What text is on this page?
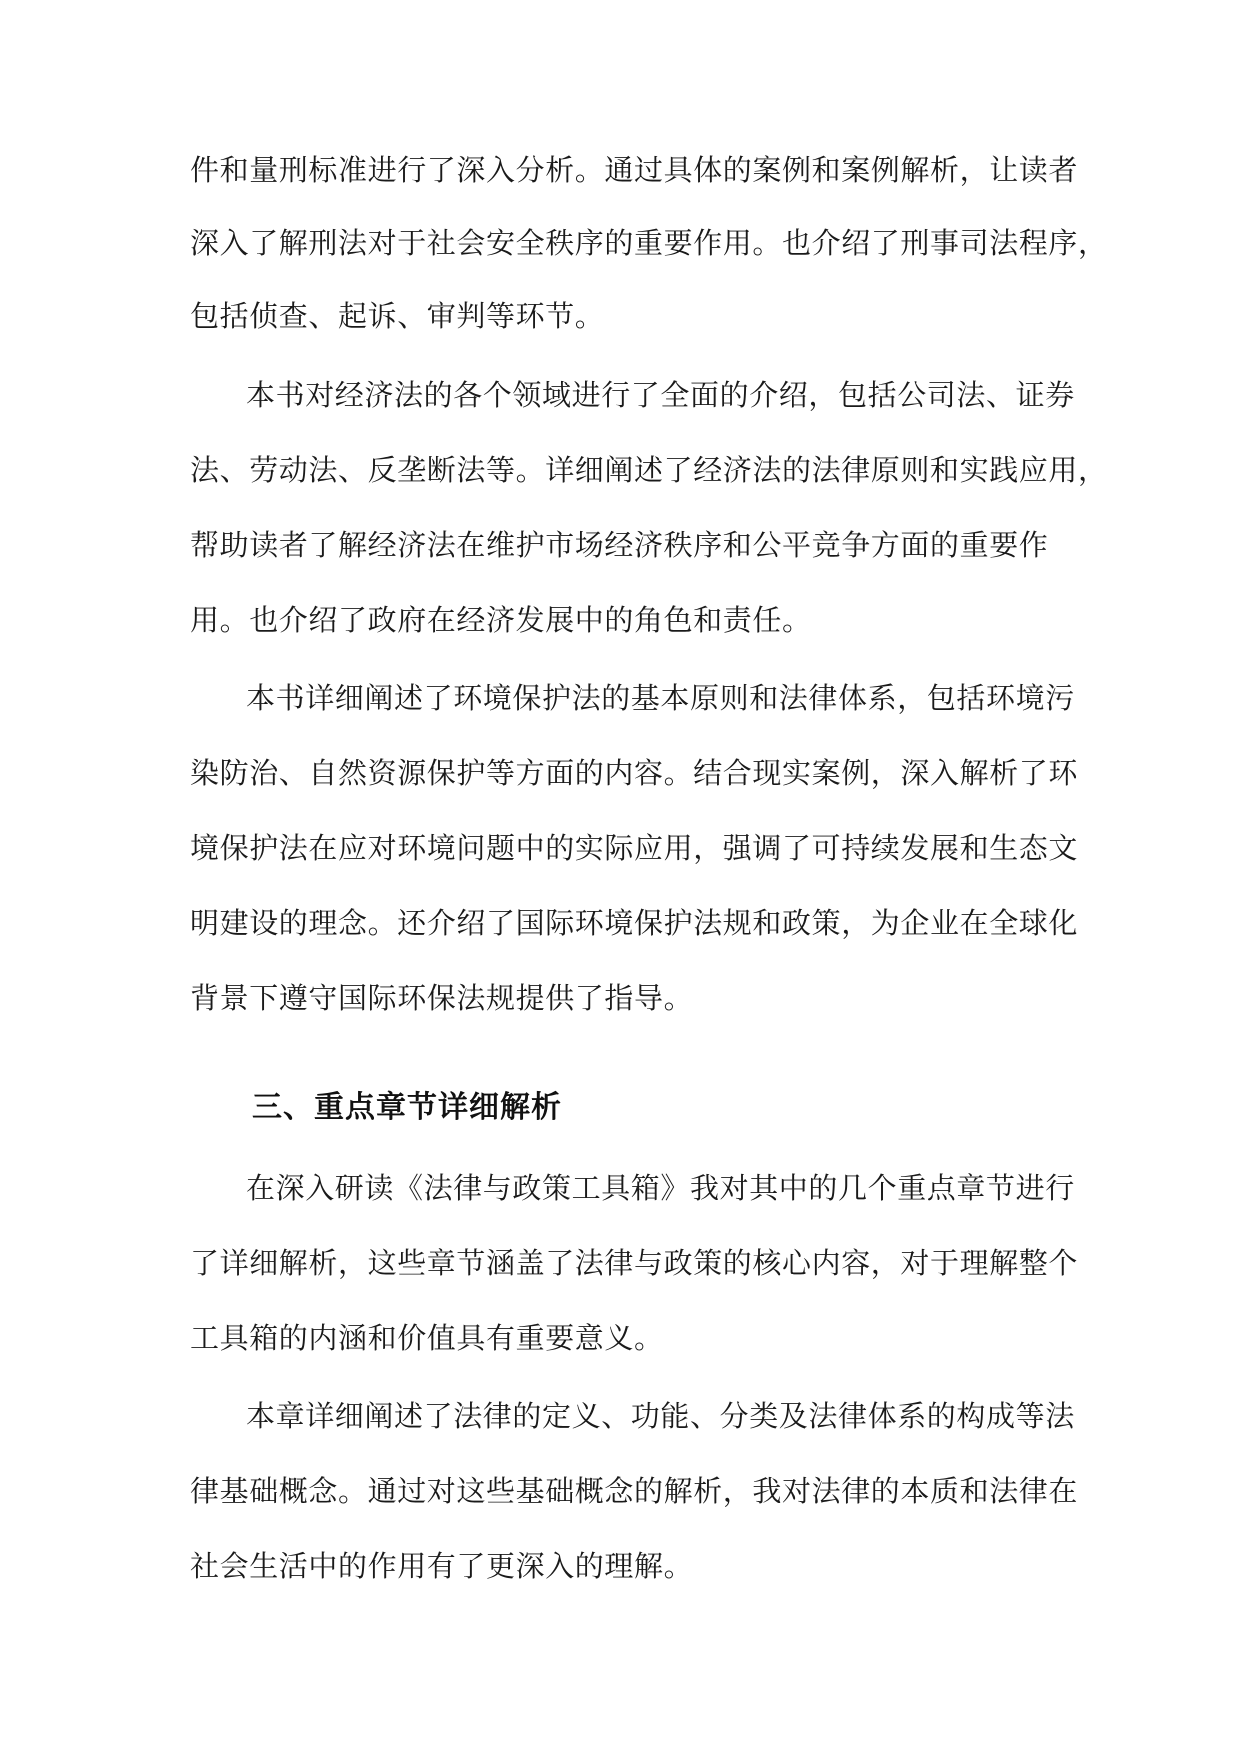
件和量刑标准进行了深入分析。通过具体的案例和案例解析，让读者
深入了解刑法对于社会安全秩序的重要作用。也介绍了刑事司法程序，
包括侦查、起诉、审判等环节。
本书对经济法的各个领域进行了全面的介绍，包括公司法、证券
法、劳动法、反垄断法等。详细阐述了经济法的法律原则和实践应用，
帮助读者了解经济法在维护市场经济秩序和公平竞争方面的重要作
用。也介绍了政府在经济发展中的角色和责任。
本书详细阐述了环境保护法的基本原则和法律体系，包括环境污
染防治、自然资源保护等方面的内容。结合现实案例，深入解析了环
境保护法在应对环境问题中的实际应用，强调了可持续发展和生态文
明建设的理念。还介绍了国际环境保护法规和政策，为企业在全球化
背景下遵守国际环保法规提供了指导。
三、重点章节详细解析
在深入研读《法律与政策工具箱》我对其中的几个重点章节进行
了详细解析，这些章节涵盖了法律与政策的核心内容，对于理解整个
工具箱的内涵和价值具有重要意义。
本章详细阐述了法律的定义、功能、分类及法律体系的构成等法
律基础概念。通过对这些基础概念的解析，我对法律的本质和法律在
社会生活中的作用有了更深入的理解。
